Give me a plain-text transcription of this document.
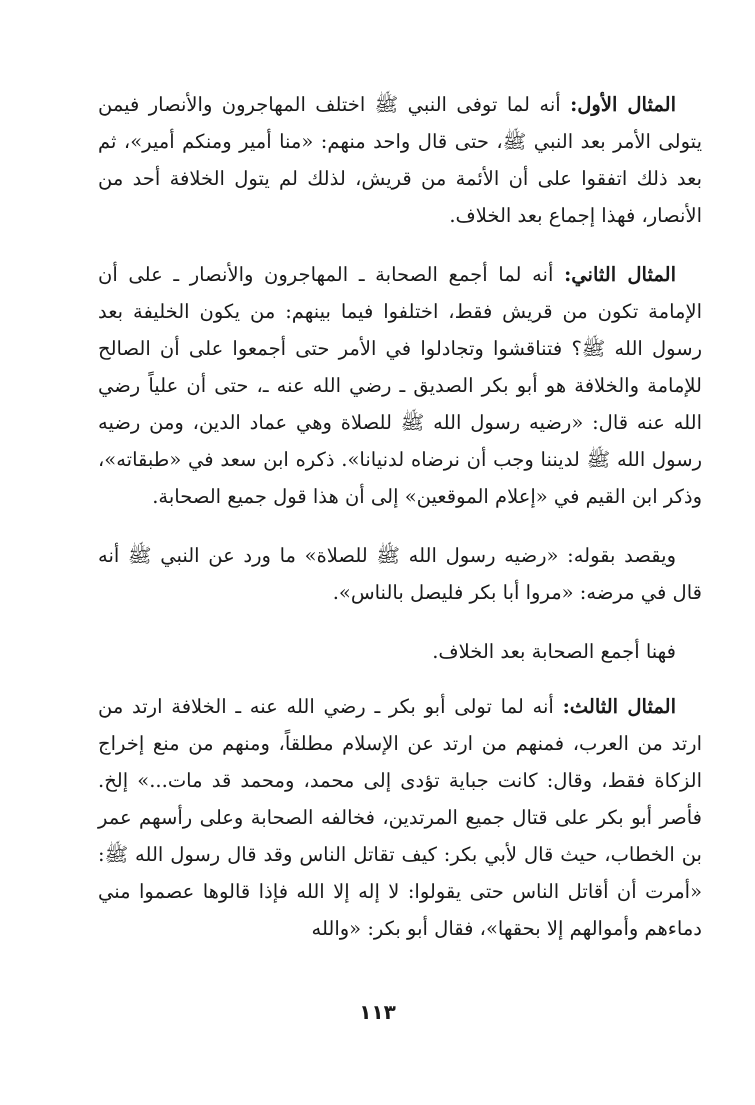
المثال الأول: أنه لما توفى النبي ﷺ اختلف المهاجرون والأنصار فيمن يتولى الأمر بعد النبي ﷺ، حتى قال واحد منهم: «منا أمير ومنكم أمير»، ثم بعد ذلك اتفقوا على أن الأئمة من قريش، لذلك لم يتول الخلافة أحد من الأنصار، فهذا إجماع بعد الخلاف.

المثال الثاني: أنه لما أجمع الصحابة ـ المهاجرون والأنصار ـ على أن الإمامة تكون من قريش فقط، اختلفوا فيما بينهم: من يكون الخليفة بعد رسول الله ﷺ؟ فتناقشوا وتجادلوا في الأمر حتى أجمعوا على أن الصالح للإمامة والخلافة هو أبو بكر الصديق ـ رضي الله عنه ـ، حتى أن علياً رضي الله عنه قال: «رضيه رسول الله ﷺ للصلاة وهي عماد الدين، ومن رضيه رسول الله ﷺ لديننا وجب أن نرضاه لدنيانا». ذكره ابن سعد في «طبقاته»، وذكر ابن القيم في «إعلام الموقعين» إلى أن هذا قول جميع الصحابة.

ويقصد بقوله: «رضيه رسول الله ﷺ للصلاة» ما ورد عن النبي ﷺ أنه قال في مرضه: «مروا أبا بكر فليصل بالناس».

فهنا أجمع الصحابة بعد الخلاف.

المثال الثالث: أنه لما تولى أبو بكر ـ رضي الله عنه ـ الخلافة ارتد من ارتد من العرب، فمنهم من ارتد عن الإسلام مطلقاً، ومنهم من منع إخراج الزكاة فقط، وقال: كانت جباية تؤدى إلى محمد، ومحمد قد مات...» إلخ. فأصر أبو بكر على قتال جميع المرتدين، فخالفه الصحابة وعلى رأسهم عمر بن الخطاب، حيث قال لأبي بكر: كيف تقاتل الناس وقد قال رسول الله ﷺ: «أمرت أن أقاتل الناس حتى يقولوا: لا إله إلا الله فإذا قالوها عصموا مني دماءهم وأموالهم إلا بحقها»، فقال أبو بكر: «والله

١١٣
